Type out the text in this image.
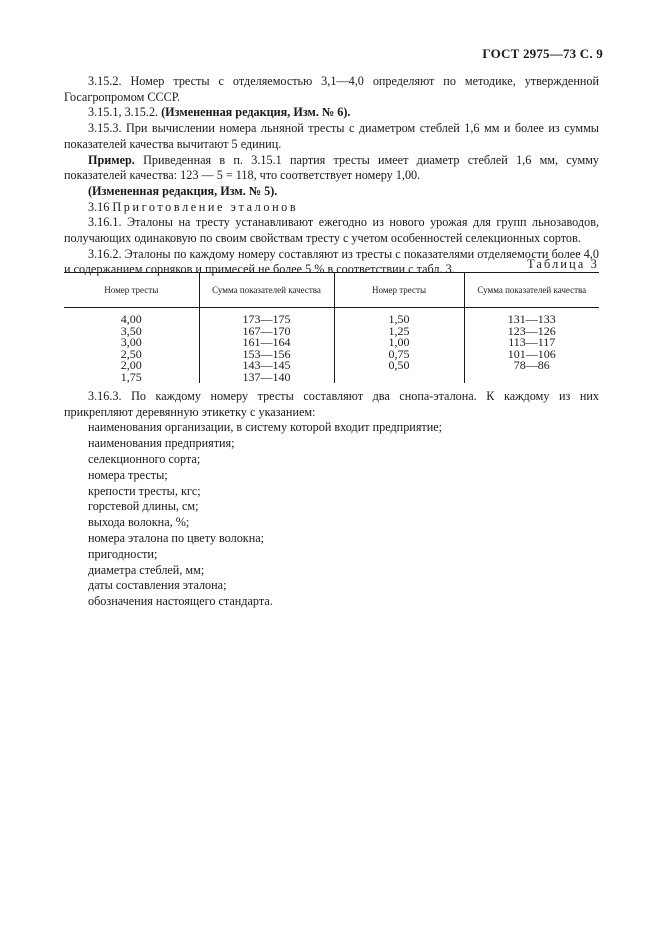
ГОСТ 2975—73 С. 9

3.15.2. Номер тресты с отделяемостью 3,1—4,0 определяют по методике, утвержденной Госагропромом СССР.

3.15.1, 3.15.2. (Измененная редакция, Изм. № 6).

3.15.3. При вычислении номера льняной тресты с диаметром стеблей 1,6 мм и более из суммы показателей качества вычитают 5 единиц.

Пример. Приведенная в п. 3.15.1 партия тресты имеет диаметр стеблей 1,6 мм, сумму показателей качества: 123 — 5 = 118, что соответствует номеру 1,00.

(Измененная редакция, Изм. № 5).

3.16 Приготовление эталонов

3.16.1. Эталоны на тресту устанавливают ежегодно из нового урожая для групп льнозаводов, получающих одинаковую по своим свойствам тресту с учетом особенностей селекционных сортов.

3.16.2. Эталоны по каждому номеру составляют из тресты с показателями отделяемости более 4,0 и содержанием сорняков и примесей не более 5 % в соответствии с табл. 3.	Таблица 3
Номер тресты	Сумма показателей качества	Номер тресты	Сумма показателей качества
4,00	173—175	1,50	131—133
3,50	167—170	1,25	123—126
3,00	161—164	1,00	113—117
2,50	153—156	0,75	101—106
2,00	143—145	0,50	78—86
1,75	137—140		

3.16.3. По каждому номеру тресты составляют два снопа-эталона. К каждому из них прикрепляют деревянную этикетку с указанием:

наименования организации, в систему которой входит предприятие;
наименования предприятия;
селекционного сорта;
номера тресты;
крепости тресты, кгс;
горстевой длины, см;
выхода волокна, %;
номера эталона по цвету волокна;
пригодности;
диаметра стеблей, мм;
даты составления эталона;
обозначения настоящего стандарта.
